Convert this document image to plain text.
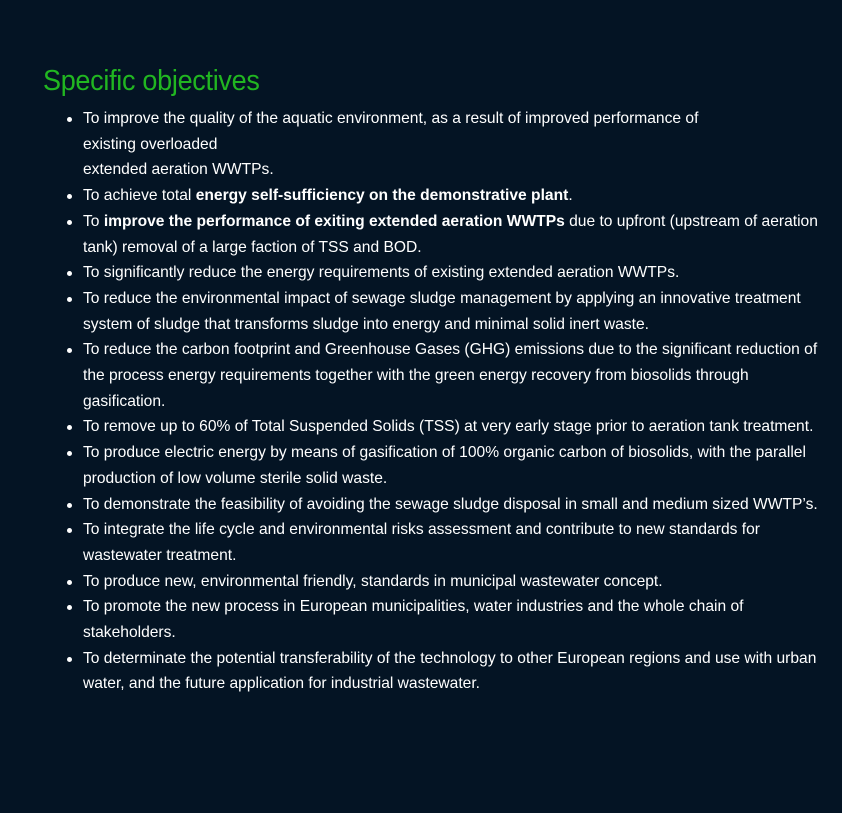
Specific objectives
To improve the quality of the aquatic environment, as a result of improved performance of
existing overloaded
extended aeration WWTPs.
To achieve total energy self-sufficiency on the demonstrative plant.
To improve the performance of exiting extended aeration WWTPs due to upfront (upstream of aeration tank) removal of a large faction of TSS and BOD.
To significantly reduce the energy requirements of existing extended aeration WWTPs.
To reduce the environmental impact of sewage sludge management by applying an innovative treatment system of sludge that transforms sludge into energy and minimal solid inert waste.
To reduce the carbon footprint and Greenhouse Gases (GHG) emissions due to the significant reduction of the process energy requirements together with the green energy recovery from biosolids through gasification.
To remove up to 60% of Total Suspended Solids (TSS) at very early stage prior to aeration tank treatment.
To produce electric energy by means of gasification of 100% organic carbon of biosolids, with the parallel production of low volume sterile solid waste.
To demonstrate the feasibility of avoiding the sewage sludge disposal in small and medium sized WWTP’s.
To integrate the life cycle and environmental risks assessment and contribute to new standards for wastewater treatment.
To produce new, environmental friendly, standards in municipal wastewater concept.
To promote the new process in European municipalities, water industries and the whole chain of stakeholders.
To determinate the potential transferability of the technology to other European regions and use with urban water, and the future application for industrial wastewater.
